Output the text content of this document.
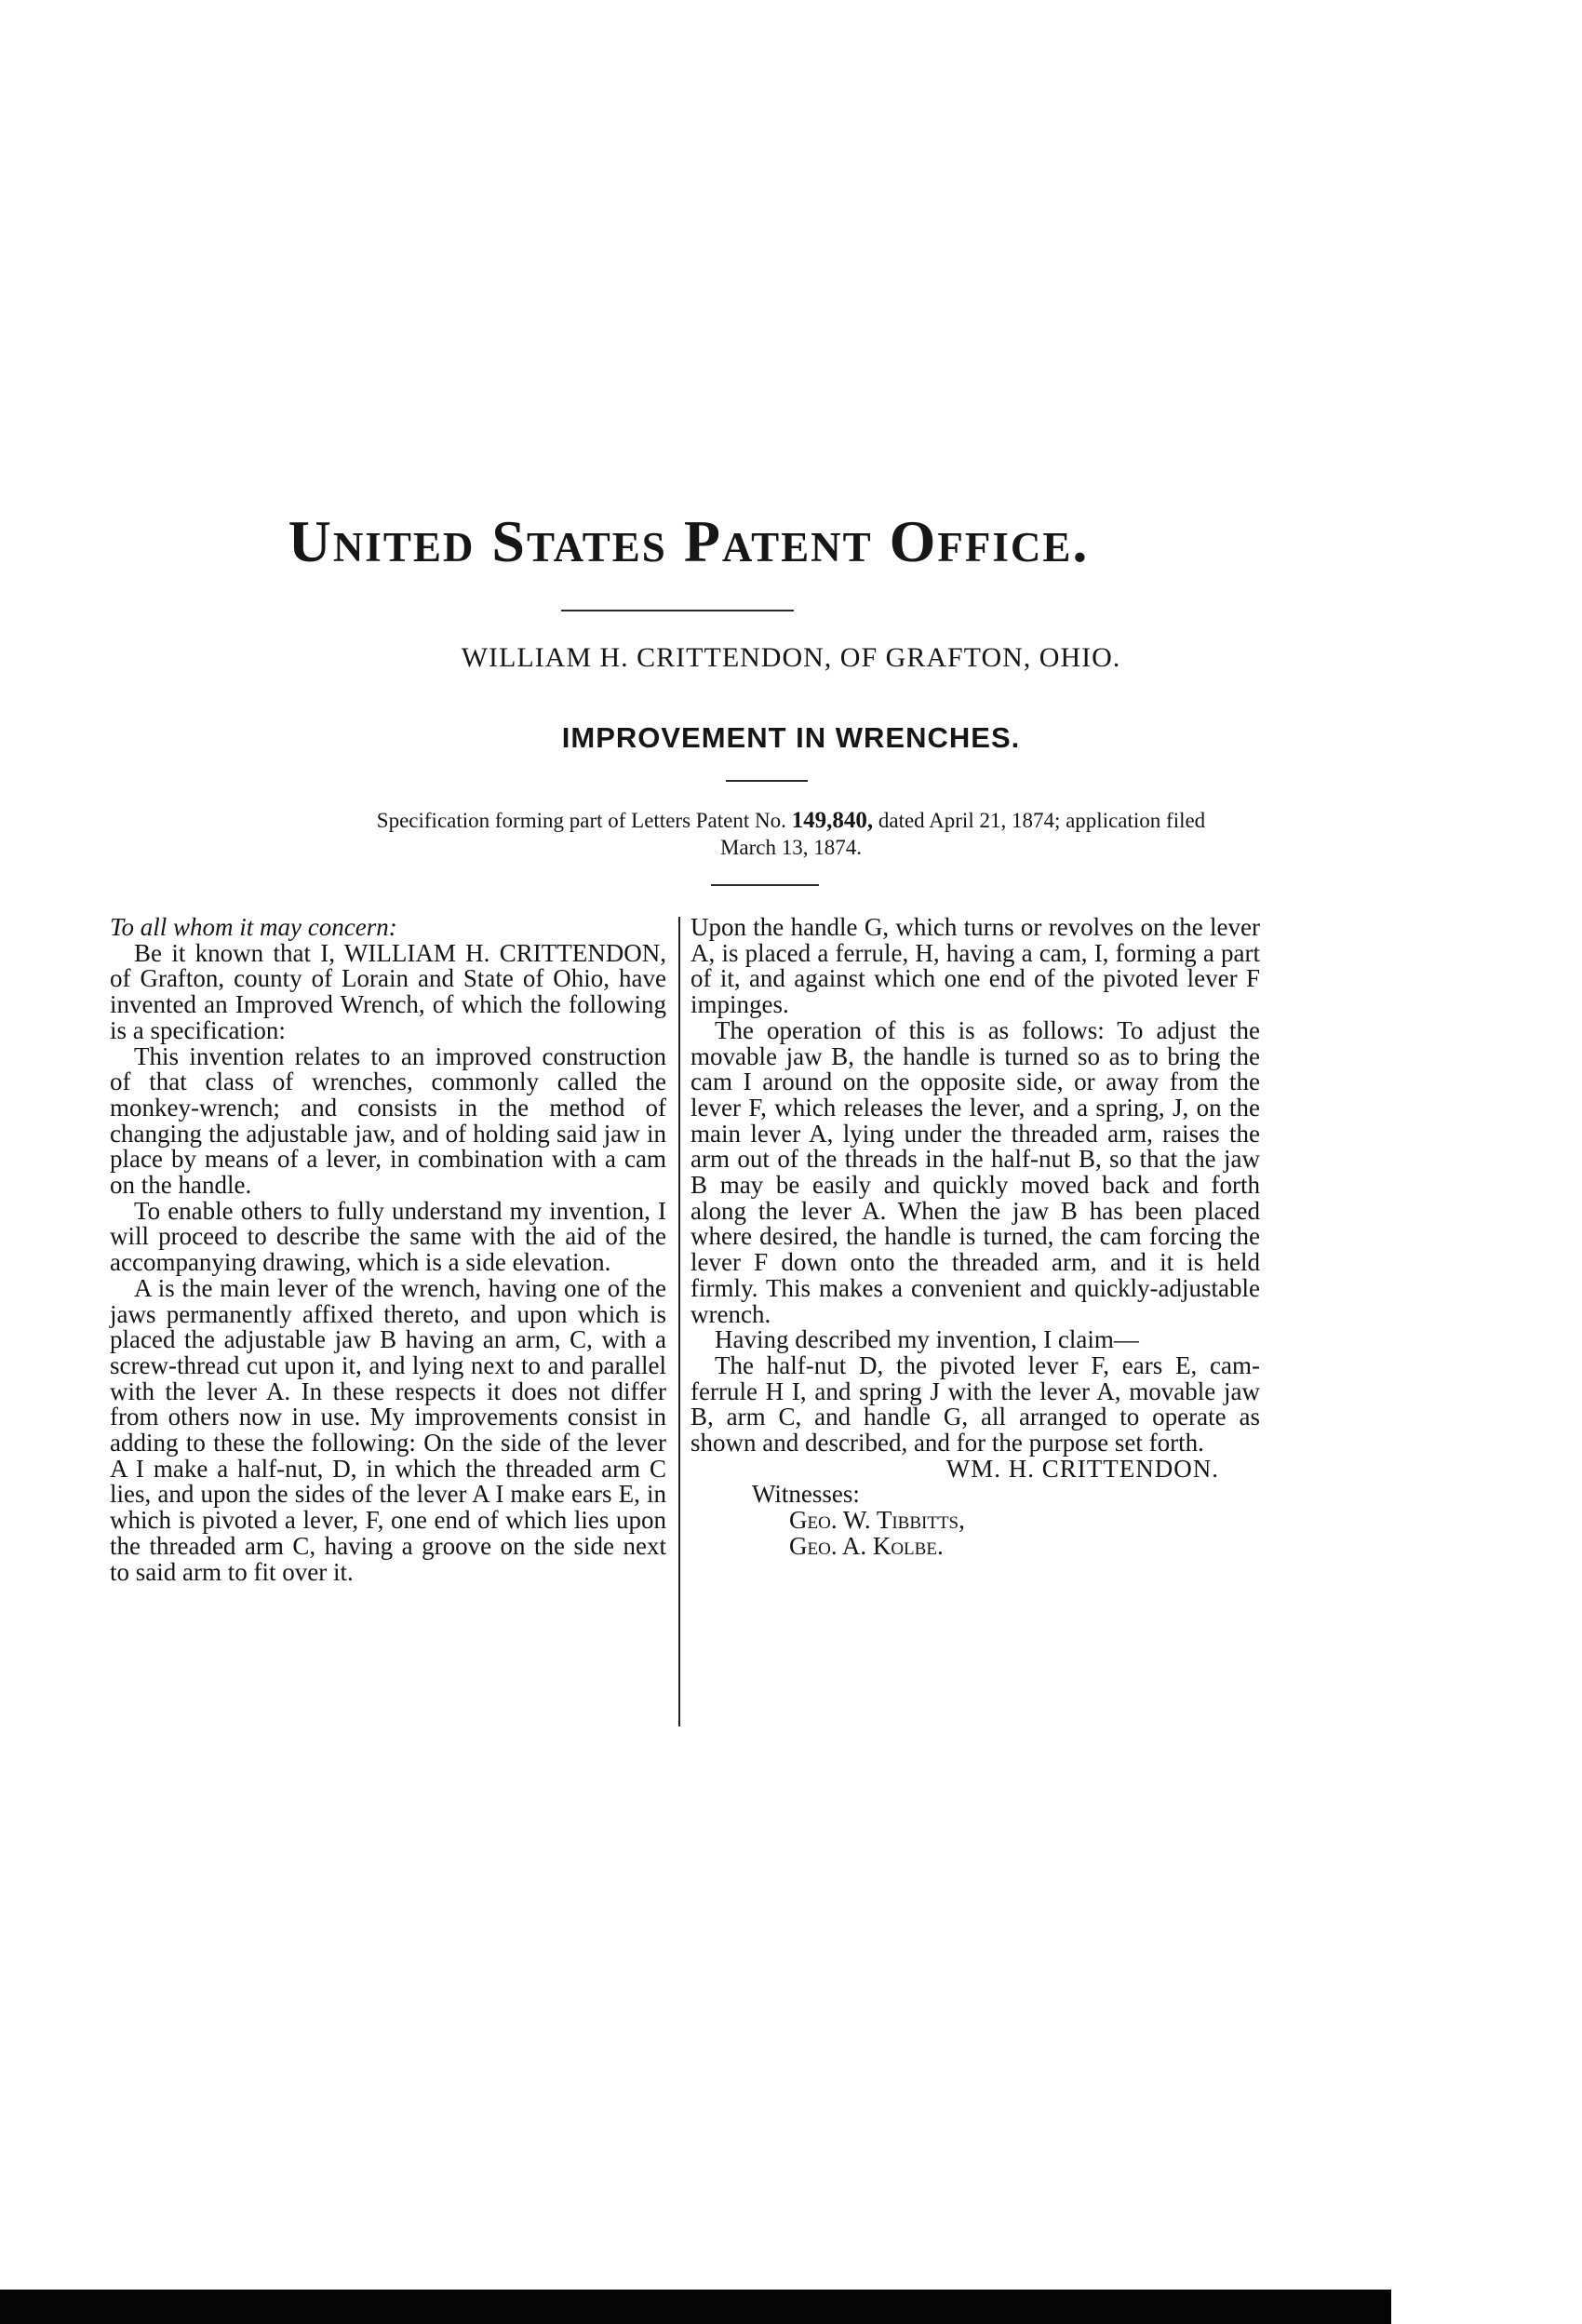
United States Patent Office.
WILLIAM H. CRITTENDON, OF GRAFTON, OHIO.
IMPROVEMENT IN WRENCHES.
Specification forming part of Letters Patent No. 149,840, dated April 21, 1874; application filed
March 13, 1874.

To all whom it may concern:

Be it known that I, WILLIAM H. CRITTENDON, of Grafton, county of Lorain and State of Ohio, have invented an Improved Wrench, of which the following is a specification:

This invention relates to an improved construction of that class of wrenches, commonly called the monkey-wrench; and consists in the method of changing the adjustable jaw, and of holding said jaw in place by means of a lever, in combination with a cam on the handle.

To enable others to fully understand my invention, I will proceed to describe the same with the aid of the accompanying drawing, which is a side elevation.

A is the main lever of the wrench, having one of the jaws permanently affixed thereto, and upon which is placed the adjustable jaw B having an arm, C, with a screw-thread cut upon it, and lying next to and parallel with the lever A. In these respects it does not differ from others now in use. My improvements consist in adding to these the following: On the side of the lever A I make a half-nut, D, in which the threaded arm C lies, and upon the sides of the lever A I make ears E, in which is pivoted a lever, F, one end of which lies upon the threaded arm C, having a groove on the side next to said arm to fit over it.

Upon the handle G, which turns or revolves on the lever A, is placed a ferrule, H, having a cam, I, forming a part of it, and against which one end of the pivoted lever F impinges.

The operation of this is as follows: To adjust the movable jaw B, the handle is turned so as to bring the cam I around on the opposite side, or away from the lever F, which releases the lever, and a spring, J, on the main lever A, lying under the threaded arm, raises the arm out of the threads in the half-nut B, so that the jaw B may be easily and quickly moved back and forth along the lever A. When the jaw B has been placed where desired, the handle is turned, the cam forcing the lever F down onto the threaded arm, and it is held firmly. This makes a convenient and quickly-adjustable wrench.

Having described my invention, I claim—

The half-nut D, the pivoted lever F, ears E, cam-ferrule H I, and spring J with the lever A, movable jaw B, arm C, and handle G, all arranged to operate as shown and described, and for the purpose set forth.

WM. H. CRITTENDON.

Witnesses:

Geo. W. Tibbitts,

Geo. A. Kolbe.
